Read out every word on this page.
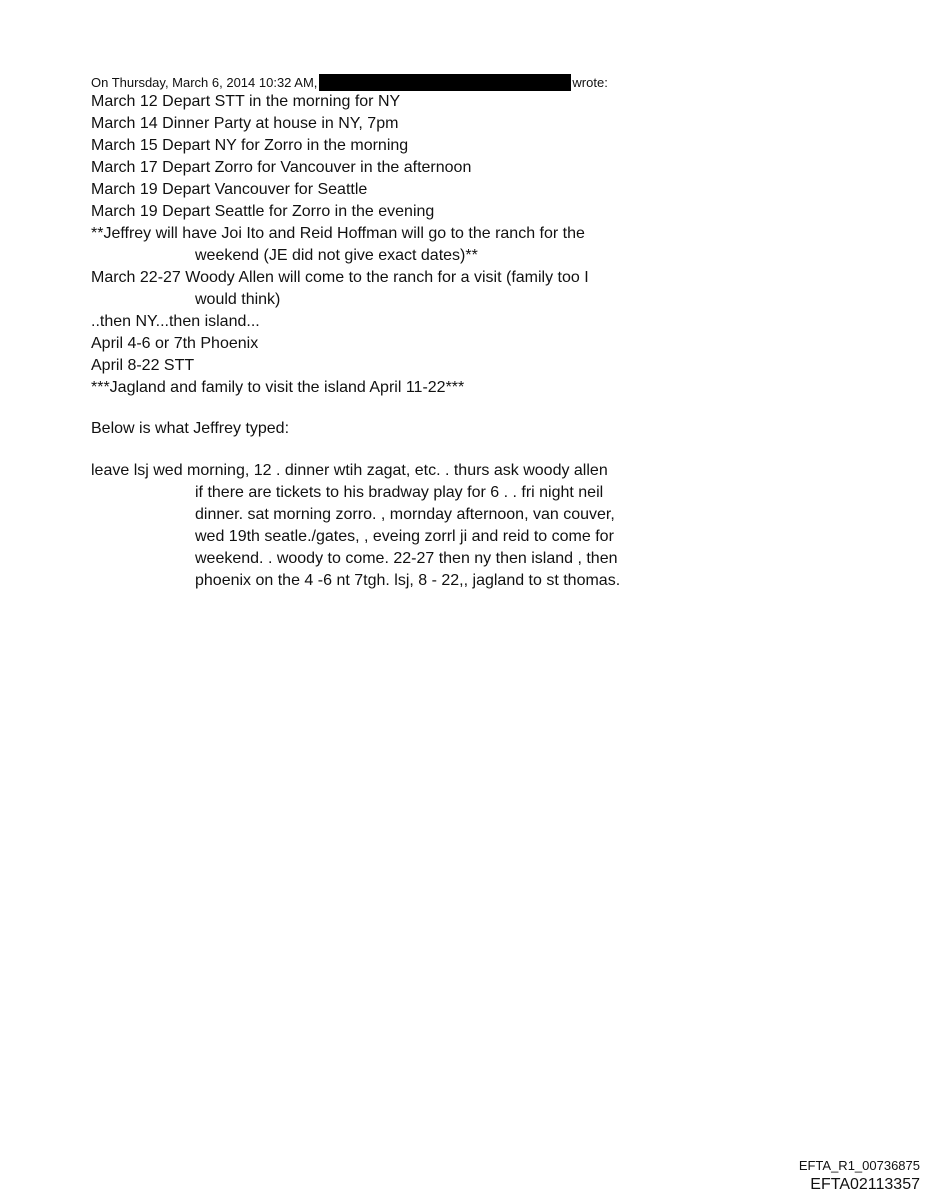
On Thursday, March 6, 2014 10:32 AM,	wrote:
March 12 Depart STT in the morning for NY
March 14 Dinner Party at house in NY, 7pm
March 15 Depart NY for Zorro in the morning
March 17 Depart Zorro for Vancouver in the afternoon
March 19 Depart Vancouver for Seattle
March 19 Depart Seattle for Zorro in the evening
**Jeffrey will have Joi Ito and Reid Hoffman will go to the ranch for the
weekend (JE did not give exact dates)**
March 22-27 Woody Allen will come to the ranch for a visit (family too I
would think)
..then NY...then island...
April 4-6 or 7th Phoenix
April 8-22 STT
***Jagland and family to visit the island April 11-22***
Below is what Jeffrey typed:
leave lsj wed morning, 12 . dinner wtih zagat, etc. . thurs ask woody allen
if there are tickets to his bradway play for 6 . . fri night neil
dinner. sat morning zorro. , mornday afternoon, van couver,
wed 19th seatle./gates, , eveing zorrl ji and reid to come for
weekend. . woody to come. 22-27 then ny then island , then
phoenix on the 4 -6 nt 7tgh. lsj, 8 - 22,, jagland to st thomas.
EFTA_R1_00736875
EFTA02113357
